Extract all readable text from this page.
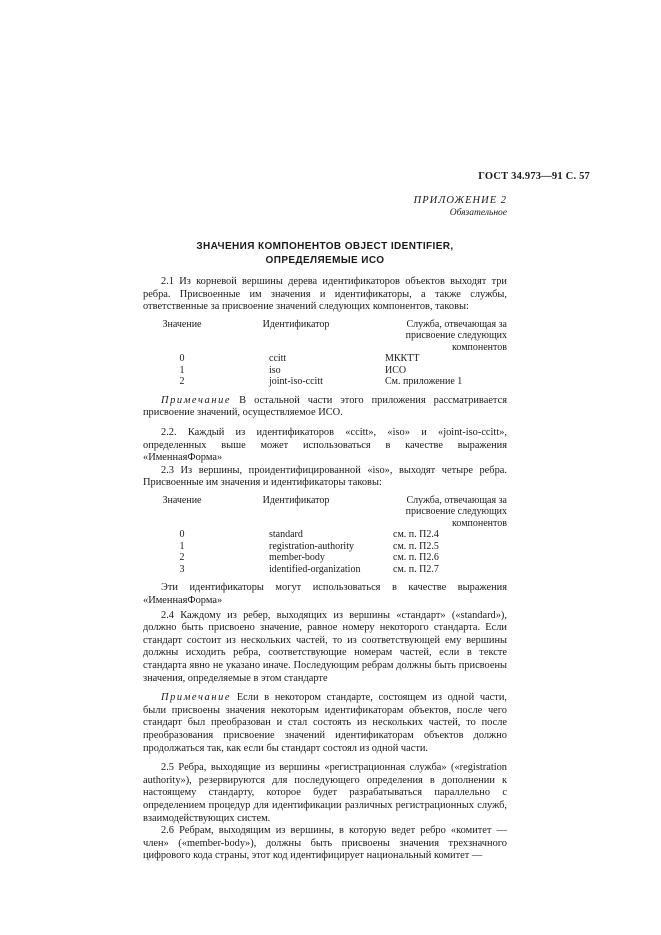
ГОСТ 34.973—91 С. 57
ПРИЛОЖЕНИЕ 2
Обязательное
ЗНАЧЕНИЯ КОМПОНЕНТОВ OBJECT IDENTIFIER,
ОПРЕДЕЛЯЕМЫЕ ИСО

2.1 Из корневой вершины дерева идентификаторов объектов выходят три ребра. Присвоенные им значения и идентификаторы, а также службы, ответственные за присвоение значений следующих компонентов, таковы:

Значение	Идентификатор	Служба, отвечающая за присвоение следующих компонентов
0	ccitt	МККТТ
1	iso	ИСО
2	joint-iso-ccitt	См. приложение 1

Примечание В остальной части этого приложения рассматривается присвоение значений, осуществляемое ИСО.

2.2. Каждый из идентификаторов «ccitt», «iso» и «joint-iso-ccitt», определенных выше может использоваться в качестве выражения «ИменнаяФорма»

2.3 Из вершины, проидентифицированной «iso», выходят четыре ребра. Присвоенные им значения и идентификаторы таковы:

Значение	Идентификатор	Служба, отвечающая за присвоение следующих компонентов
0	standard	см. п. П2.4
1	registration-authority	см. п. П2.5
2	member-body	см. п. П2.6
3	identified-organization	см. п. П2.7

Эти идентификаторы могут использоваться в качестве выражения «ИменнаяФорма»

2.4 Каждому из ребер, выходящих из вершины «стандарт» («standard»), должно быть присвоено значение, равное номеру некоторого стандарта. Если стандарт состоит из нескольких частей, то из соответствующей ему вершины должны исходить ребра, соответствующие номерам частей, если в тексте стандарта явно не указано иначе. Последующим ребрам должны быть присвоены значения, определяемые в этом стандарте

Примечание Если в некотором стандарте, состоящем из одной части, были присвоены значения некоторым идентификаторам объектов, после чего стандарт был преобразован и стал состоять из нескольких частей, то после преобразования присвоение значений идентификаторам объектов должно продолжаться так, как если бы стандарт состоял из одной части.

2.5 Ребра, выходящие из вершины «регистрационная служба» («registration authority»), резервируются для последующего определения в дополнении к настоящему стандарту, которое будет разрабатываться параллельно с определением процедур для идентификации различных регистрационных служб, взаимодействующих систем.

2.6 Ребрам, выходящим из вершины, в которую ведет ребро «комитет — член» («member-body»), должны быть присвоены значения трехзначного цифрового кода страны, этот код идентифицирует национальный комитет —
